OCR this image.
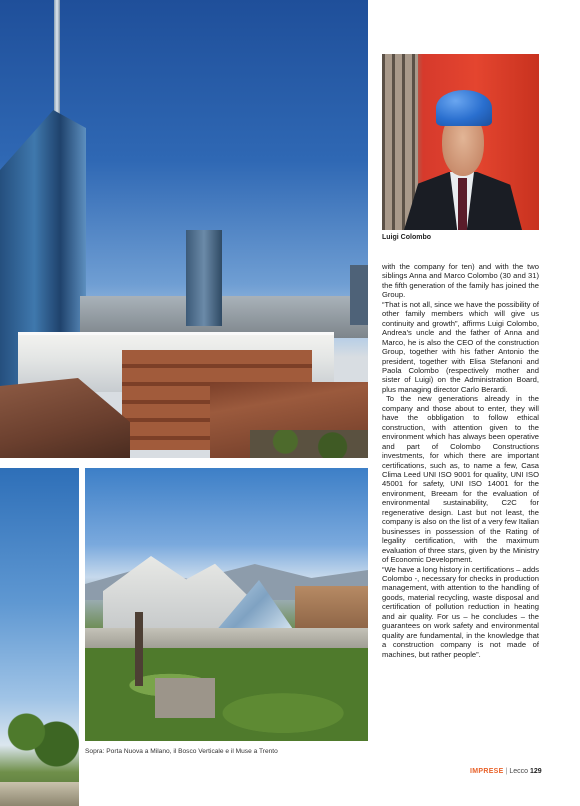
Luigi Colombo
Sopra: Porta Nuova a Milano, il Bosco Verticale e il Muse a Trento

with the company for ten) and with the two siblings Anna and Marco Colombo (30 and 31) the fifth generation of the family has joined the Group.

“That is not all, since we have the possibility of other family members which will give us continuity and growth”, affirms Luigi Colombo, Andrea’s uncle and the father of Anna and Marco, he is also the CEO of the construction Group, together with his father Antonio the president, together with Elisa Stefanoni and Paola Colombo (respectively mother and sister of Luigi) on the Administration Board, plus managing director Carlo Berardi.

To the new generations already in the company and those about to enter, they will have the obbligation to follow ethical construction, with attention given to the environment which has always been operative and part of Colombo Constructions investments, for which there are important certifications, such as, to name a few, Casa Clima Leed UNI ISO 9001 for quality, UNI ISO 45001 for safety, UNI ISO 14001 for the environment, Breeam for the evaluation of environmental sustainability, C2C for regenerative design. Last but not least, the company is also on the list of a very few Italian businesses in possession of the Rating of legality certification, with the maximum evaluation of three stars, given by the Ministry of Economic Development.

“We have a long history in certifications – adds Colombo -, necessary for checks in production management, with attention to the handling of goods, material recycling, waste disposal and certification of pollution reduction in heating and air quality. For us – he concludes – the guarantees on work safety and environmental quality are fundamental, in the knowledge that a construction company is not made of machines, but rather people”.

IMPRESE | Lecco 129
